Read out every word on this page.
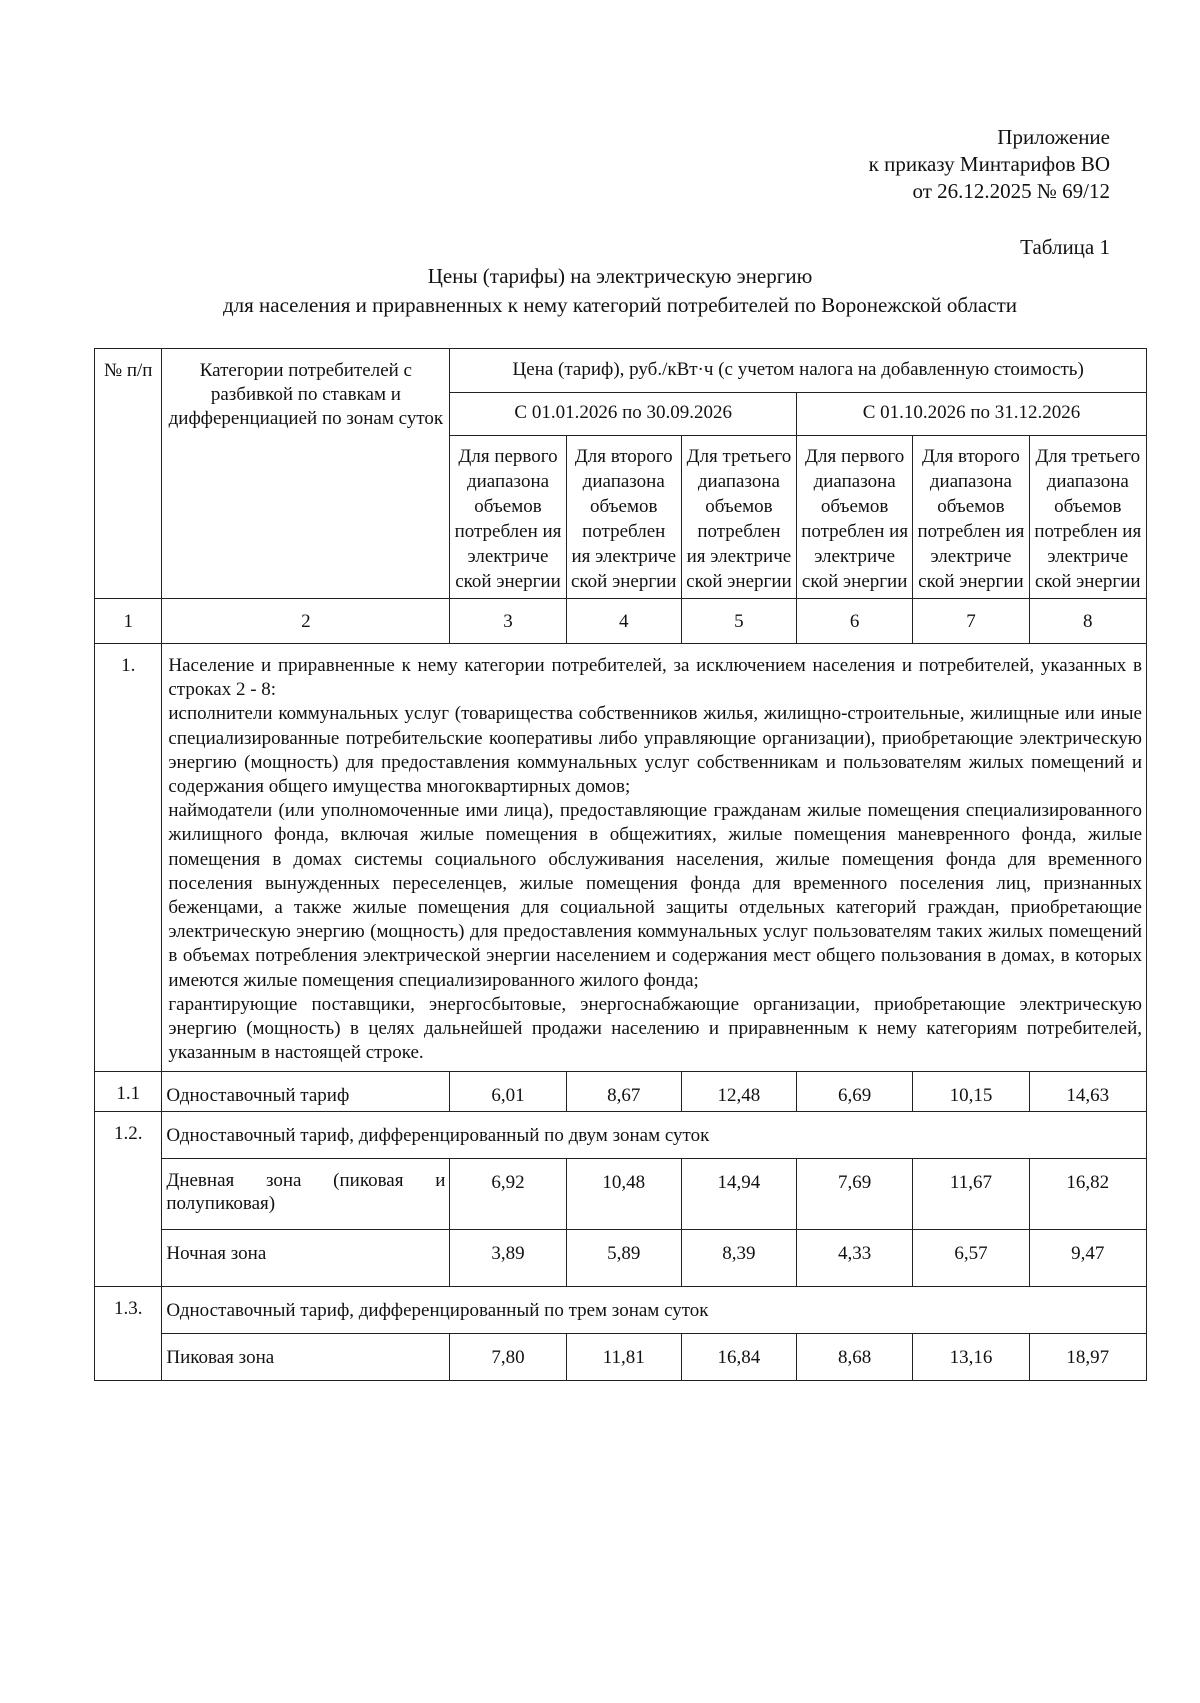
Приложение
к приказу Минтарифов ВО
от 26.12.2025 № 69/12
Таблица 1
Цены (тарифы) на электрическую энергию
для населения и приравненных к нему категорий потребителей по Воронежской области
№ п/п	Категории потребителей с разбивкой по ставкам и дифференциацией по зонам суток	Цена (тариф), руб./кВт·ч (с учетом налога на добавленную стоимость)					
		С 01.01.2026 по 30.09.2026			С 01.10.2026 по 31.12.2026		
		Для первого диапазона объемов потреблен ия электриче ской энергии	Для второго диапазона объемов потреблен ия электриче ской энергии	Для третьего диапазона объемов потреблен ия электриче ской энергии	Для первого диапазона объемов потреблен ия электриче ской энергии	Для второго диапазона объемов потреблен ия электриче ской энергии	Для третьего диапазона объемов потреблен ия электриче ской энергии
1	2	3	4	5	6	7	8
1.	Население и приравненные к нему категории потребителей, за исключением населения и потребителей, указанных в строках 2 - 8:
исполнители коммунальных услуг (товарищества собственников жилья, жилищно-строительные, жилищные или иные специализированные потребительские кооперативы либо управляющие организации), приобретающие электрическую энергию (мощность) для предоставления коммунальных услуг собственникам и пользователям жилых помещений и содержания общего имущества многоквартирных домов;
наймодатели (или уполномоченные ими лица), предоставляющие гражданам жилые помещения специализированного жилищного фонда, включая жилые помещения в общежитиях, жилые помещения маневренного фонда, жилые помещения в домах системы социального обслуживания населения, жилые помещения фонда для временного поселения вынужденных переселенцев, жилые помещения фонда для временного поселения лиц, признанных беженцами, а также жилые помещения для социальной защиты отдельных категорий граждан, приобретающие электрическую энергию (мощность) для предоставления коммунальных услуг пользователям таких жилых помещений в объемах потребления электрической энергии населением и содержания мест общего пользования в домах, в которых имеются жилые помещения специализированного жилого фонда;
гарантирующие поставщики, энергосбытовые, энергоснабжающие организации, приобретающие электрическую энергию (мощность) в целях дальнейшей продажи населению и приравненным к нему категориям потребителей, указанным в настоящей строке.						

1.1	Одноставочный тариф	6,01	8,67	12,48	6,69	10,15	14,63
1.2.	Одноставочный тариф, дифференцированный по двум зонам суток						
	Дневная зона (пиковая и полупиковая)	6,92	10,48	14,94	7,69	11,67	16,82
	Ночная зона	3,89	5,89	8,39	4,33	6,57	9,47
1.3.	Одноставочный тариф, дифференцированный по трем зонам суток						
	Пиковая зона	7,80	11,81	16,84	8,68	13,16	18,97
